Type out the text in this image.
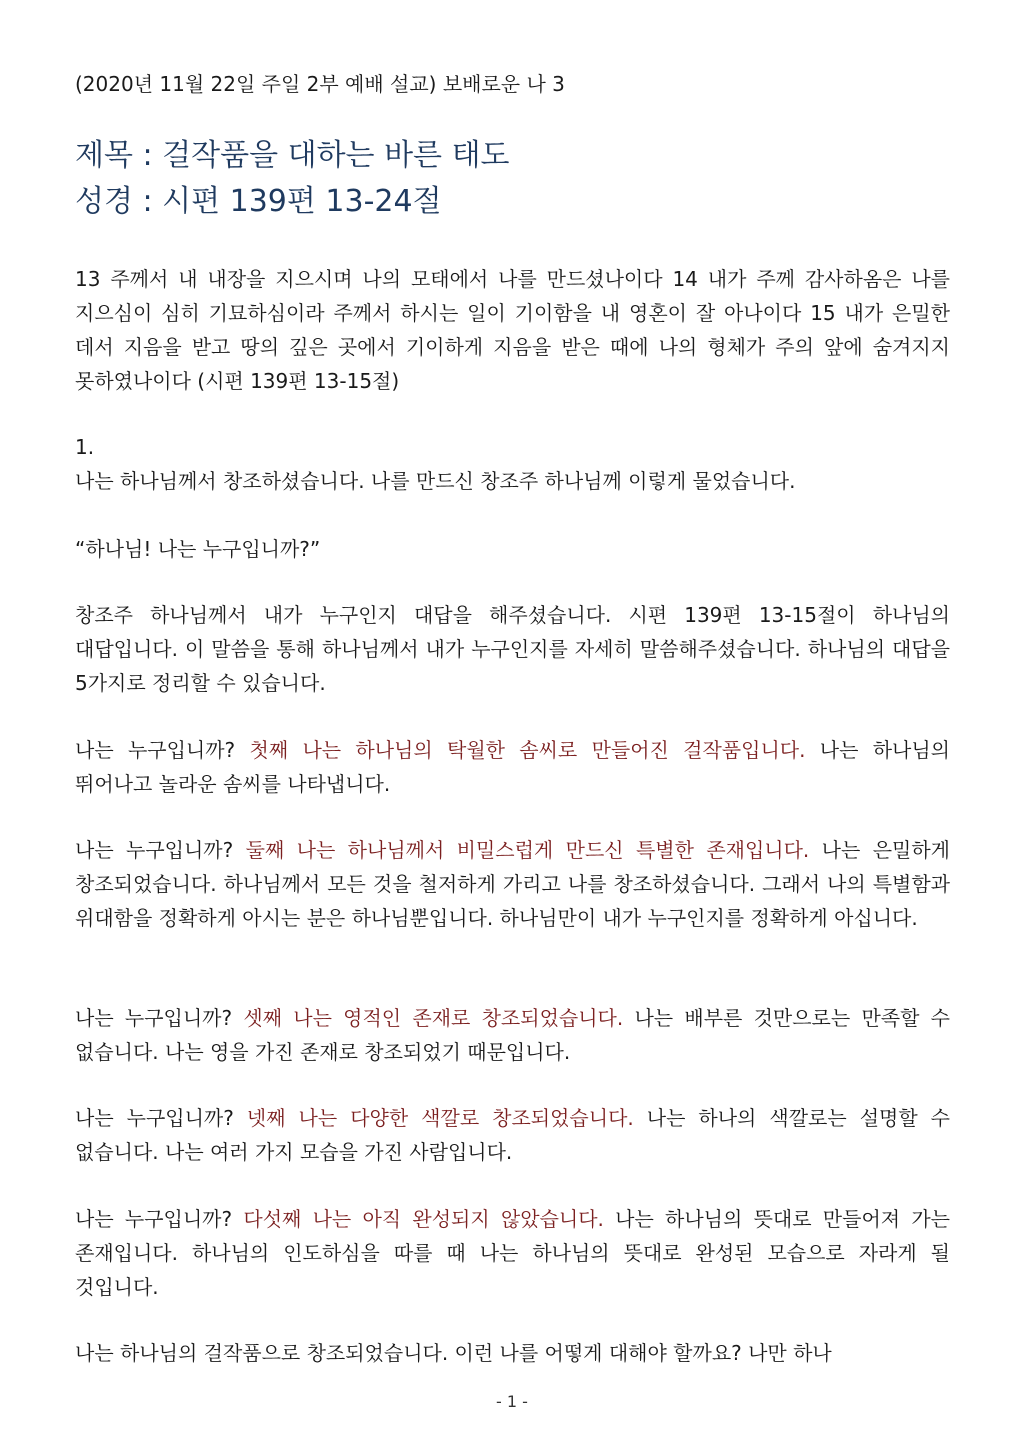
(2020년 11월 22일 주일 2부 예배 설교) 보배로운 나 3
제목 : 걸작품을 대하는 바른 태도
성경 : 시편 139편 13-24절
13 주께서 내 내장을 지으시며 나의 모태에서 나를 만드셨나이다 14 내가 주께 감사하옴은 나를 지으심이 심히 기묘하심이라 주께서 하시는 일이 기이함을 내 영혼이 잘 아나이다 15 내가 은밀한 데서 지음을 받고 땅의 깊은 곳에서 기이하게 지음을 받은 때에 나의 형체가 주의 앞에 숨겨지지 못하였나이다 (시편 139편 13-15절)
1.
나는 하나님께서 창조하셨습니다. 나를 만드신 창조주 하나님께 이렇게 물었습니다.
“하나님! 나는 누구입니까?”
창조주 하나님께서 내가 누구인지 대답을 해주셨습니다. 시편 139편 13-15절이 하나님의 대답입니다. 이 말씀을 통해 하나님께서 내가 누구인지를 자세히 말씀해주셨습니다. 하나님의 대답을 5가지로 정리할 수 있습니다.
나는 누구입니까? 첫째 나는 하나님의 탁월한 솜씨로 만들어진 걸작품입니다. 나는 하나님의 뛰어나고 놀라운 솜씨를 나타냅니다.
나는 누구입니까? 둘째 나는 하나님께서 비밀스럽게 만드신 특별한 존재입니다. 나는 은밀하게 창조되었습니다. 하나님께서 모든 것을 철저하게 가리고 나를 창조하셨습니다. 그래서 나의 특별함과 위대함을 정확하게 아시는 분은 하나님뿐입니다. 하나님만이 내가 누구인지를 정확하게 아십니다.
나는 누구입니까? 셋째 나는 영적인 존재로 창조되었습니다. 나는 배부른 것만으로는 만족할 수 없습니다. 나는 영을 가진 존재로 창조되었기 때문입니다.
나는 누구입니까? 넷째 나는 다양한 색깔로 창조되었습니다. 나는 하나의 색깔로는 설명할 수 없습니다. 나는 여러 가지 모습을 가진 사람입니다.
나는 누구입니까? 다섯째 나는 아직 완성되지 않았습니다. 나는 하나님의 뜻대로 만들어져 가는 존재입니다. 하나님의 인도하심을 따를 때 나는 하나님의 뜻대로 완성된 모습으로 자라게 될 것입니다.
나는 하나님의 걸작품으로 창조되었습니다. 이런 나를 어떻게 대해야 할까요? 나만 하나
- 1 -
